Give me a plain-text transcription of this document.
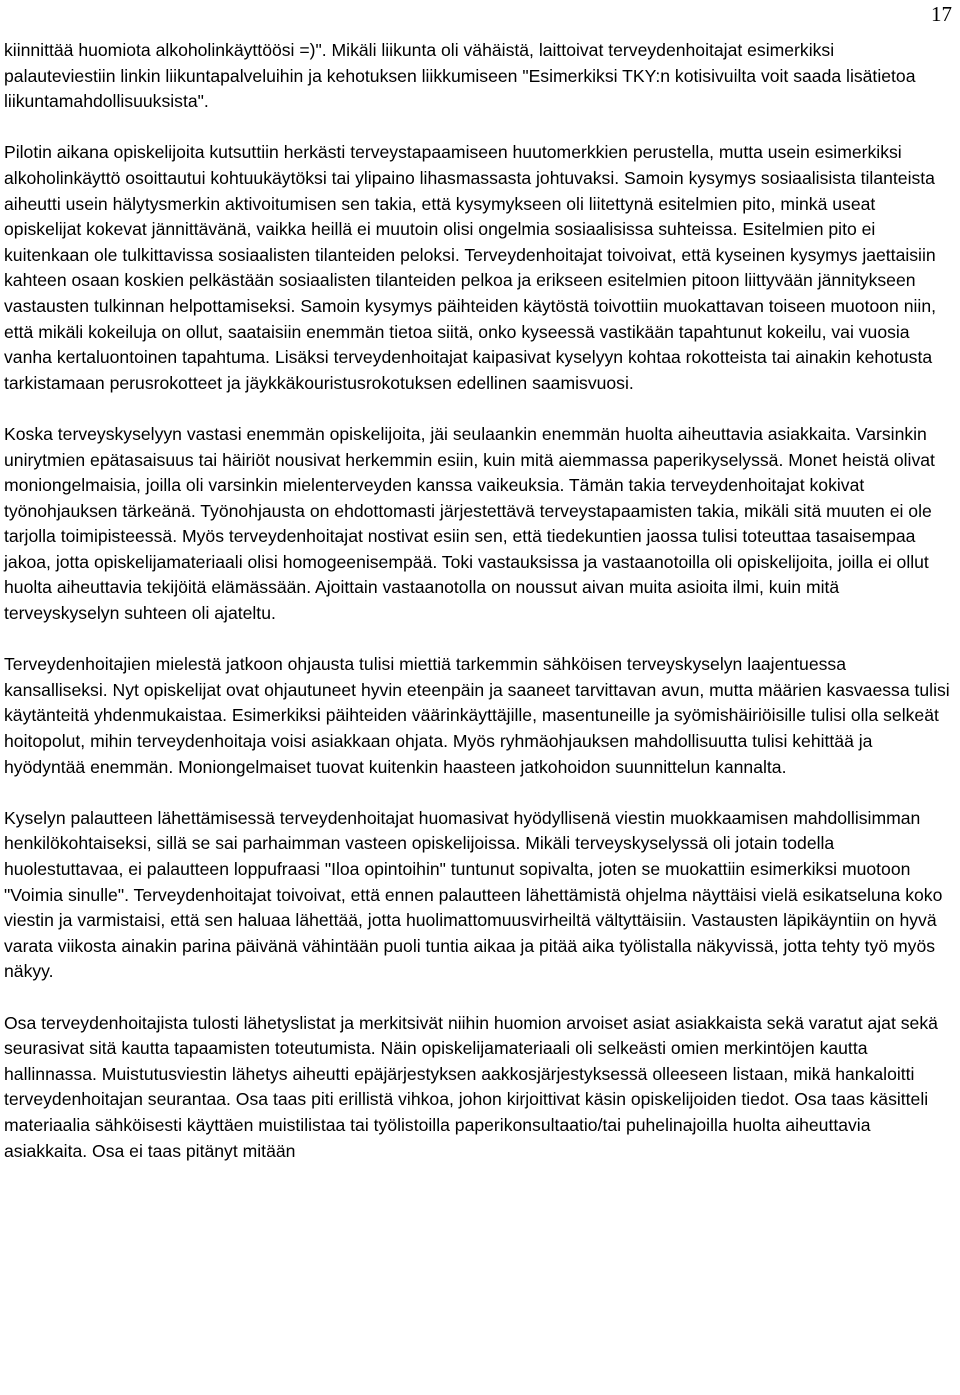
17

kiinnittää huomiota alkoholinkäyttöösi =)". Mikäli liikunta oli vähäistä, laittoivat terveydenhoitajat esimerkiksi palauteviestiin linkin liikuntapalveluihin ja kehotuksen liikkumiseen "Esimerkiksi TKY:n kotisivuilta voit saada lisätietoa liikuntamahdollisuuksista".

Pilotin aikana opiskelijoita kutsuttiin herkästi terveystapaamiseen huutomerkkien perustella, mutta usein esimerkiksi alkoholinkäyttö osoittautui kohtuukäytöksi tai ylipaino lihasmassasta johtuvaksi. Samoin kysymys sosiaalisista tilanteista aiheutti usein hälytysmerkin aktivoitumisen sen takia, että kysymykseen oli liitettynä esitelmien pito, minkä useat opiskelijat kokevat jännittävänä, vaikka heillä ei muutoin olisi ongelmia sosiaalisissa suhteissa. Esitelmien pito ei kuitenkaan ole tulkittavissa sosiaalisten tilanteiden peloksi. Terveydenhoitajat toivoivat, että kyseinen kysymys jaettaisiin kahteen osaan koskien pelkästään sosiaalisten tilanteiden pelkoa ja erikseen esitelmien pitoon liittyvään jännitykseen vastausten tulkinnan helpottamiseksi. Samoin kysymys päihteiden käytöstä toivottiin muokattavan toiseen muotoon niin, että mikäli kokeiluja on ollut, saataisiin enemmän tietoa siitä, onko kyseessä vastikään tapahtunut kokeilu, vai vuosia vanha kertaluontoinen tapahtuma. Lisäksi terveydenhoitajat kaipasivat kyselyyn kohtaa rokotteista tai ainakin kehotusta tarkistamaan perusrokotteet ja jäykkäkouristusrokotuksen edellinen saamisvuosi.

Koska terveyskyselyyn vastasi enemmän opiskelijoita, jäi seulaankin enemmän huolta aiheuttavia asiakkaita. Varsinkin unirytmien epätasaisuus tai häiriöt nousivat herkemmin esiin, kuin mitä aiemmassa paperikyselyssä. Monet heistä olivat moniongelmaisia, joilla oli varsinkin mielenterveyden kanssa vaikeuksia. Tämän takia terveydenhoitajat kokivat työnohjauksen tärkeänä. Työnohjausta on ehdottomasti järjestettävä terveystapaamisten takia, mikäli sitä muuten ei ole tarjolla toimipisteessä. Myös terveydenhoitajat nostivat esiin sen, että tiedekuntien jaossa tulisi toteuttaa tasaisempaa jakoa, jotta opiskelijamateriaali olisi homogeenisempää. Toki vastauksissa ja vastaanotoilla oli opiskelijoita, joilla ei ollut huolta aiheuttavia tekijöitä elämässään. Ajoittain vastaanotolla on noussut aivan muita asioita ilmi, kuin mitä terveyskyselyn suhteen oli ajateltu.

Terveydenhoitajien mielestä jatkoon ohjausta tulisi miettiä tarkemmin sähköisen terveyskyselyn laajentuessa kansalliseksi. Nyt opiskelijat ovat ohjautuneet hyvin eteenpäin ja saaneet tarvittavan avun, mutta määrien kasvaessa tulisi käytänteitä yhdenmukaistaa. Esimerkiksi päihteiden väärinkäyttäjille, masentuneille ja syömishäiriöisille tulisi olla selkeät hoitopolut, mihin terveydenhoitaja voisi asiakkaan ohjata. Myös ryhmäohjauksen mahdollisuutta tulisi kehittää ja hyödyntää enemmän. Moniongelmaiset tuovat kuitenkin haasteen jatkohoidon suunnittelun kannalta.

Kyselyn palautteen lähettämisessä terveydenhoitajat huomasivat hyödyllisenä viestin muokkaamisen mahdollisimman henkilökohtaiseksi, sillä se sai parhaimman vasteen opiskelijoissa. Mikäli terveyskyselyssä oli jotain todella huolestuttavaa, ei palautteen loppufraasi "Iloa opintoihin" tuntunut sopivalta, joten se muokattiin esimerkiksi muotoon "Voimia sinulle". Terveydenhoitajat toivoivat, että ennen palautteen lähettämistä ohjelma näyttäisi vielä esikatseluna koko viestin ja varmistaisi, että sen haluaa lähettää, jotta huolimattomuusvirheiltä vältyttäisiin. Vastausten läpikäyntiin on hyvä varata viikosta ainakin parina päivänä vähintään puoli tuntia aikaa ja pitää aika työlistalla näkyvissä, jotta tehty työ myös näkyy.

Osa terveydenhoitajista tulosti lähetyslistat ja merkitsivät niihin huomion arvoiset asiat asiakkaista sekä varatut ajat sekä seurasivat sitä kautta tapaamisten toteutumista. Näin opiskelijamateriaali oli selkeästi omien merkintöjen kautta hallinnassa. Muistutusviestin lähetys aiheutti epäjärjestyksen aakkosjärjestyksessä olleeseen listaan, mikä hankaloitti terveydenhoitajan seurantaa. Osa taas piti erillistä vihkoa, johon kirjoittivat käsin opiskelijoiden tiedot. Osa taas käsitteli materiaalia sähköisesti käyttäen muistilistaa tai työlistoilla paperikonsultaatio/tai puhelinajoilla huolta aiheuttavia asiakkaita. Osa ei taas pitänyt mitään
